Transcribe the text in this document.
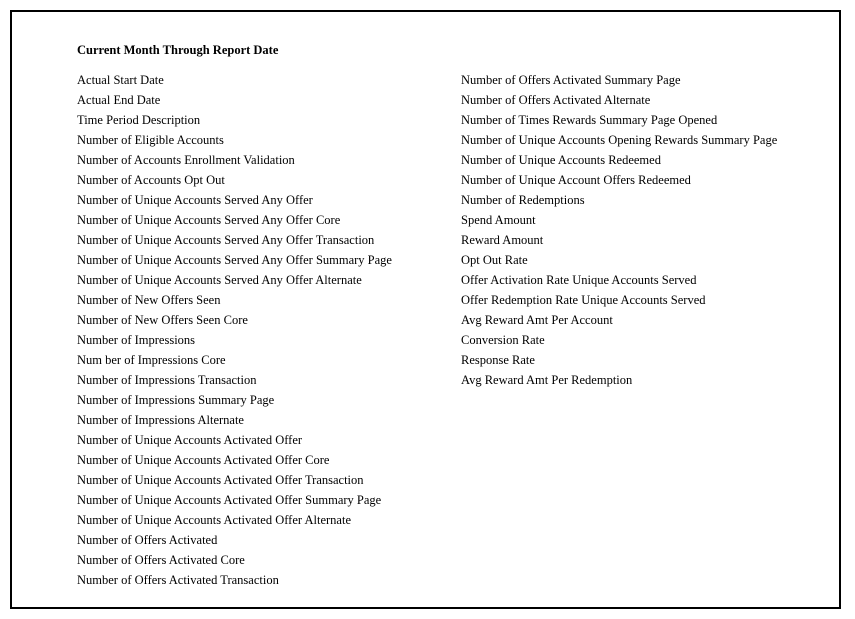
Current Month Through Report Date
Actual Start Date
Actual End Date
Time Period Description
Number of Eligible Accounts
Number of Accounts Enrollment Validation
Number of Accounts Opt Out
Number of Unique Accounts Served Any Offer
Number of Unique Accounts Served Any Offer Core
Number of Unique Accounts Served Any Offer Transaction
Number of Unique Accounts Served Any Offer Summary Page
Number of Unique Accounts Served Any Offer Alternate
Number of New Offers Seen
Number of New Offers Seen Core
Number of Impressions
Num ber of Impressions Core
Number of Impressions Transaction
Number of Impressions Summary Page
Number of Impressions Alternate
Number of Unique Accounts Activated Offer
Number of Unique Accounts Activated Offer Core
Number of Unique Accounts Activated Offer Transaction
Number of Unique Accounts Activated Offer Summary Page
Number of Unique Accounts Activated Offer Alternate
Number of Offers Activated
Number of Offers Activated Core
Number of Offers Activated Transaction
Number of Offers Activated Summary Page
Number of Offers Activated Alternate
Number of Times Rewards Summary Page Opened
Number of Unique Accounts Opening Rewards Summary Page
Number of Unique Accounts Redeemed
Number of Unique Account Offers Redeemed
Number of Redemptions
Spend Amount
Reward Amount
Opt Out Rate
Offer Activation Rate Unique Accounts Served
Offer Redemption Rate Unique Accounts Served
Avg Reward Amt Per Account
Conversion Rate
Response Rate
Avg Reward Amt Per Redemption
